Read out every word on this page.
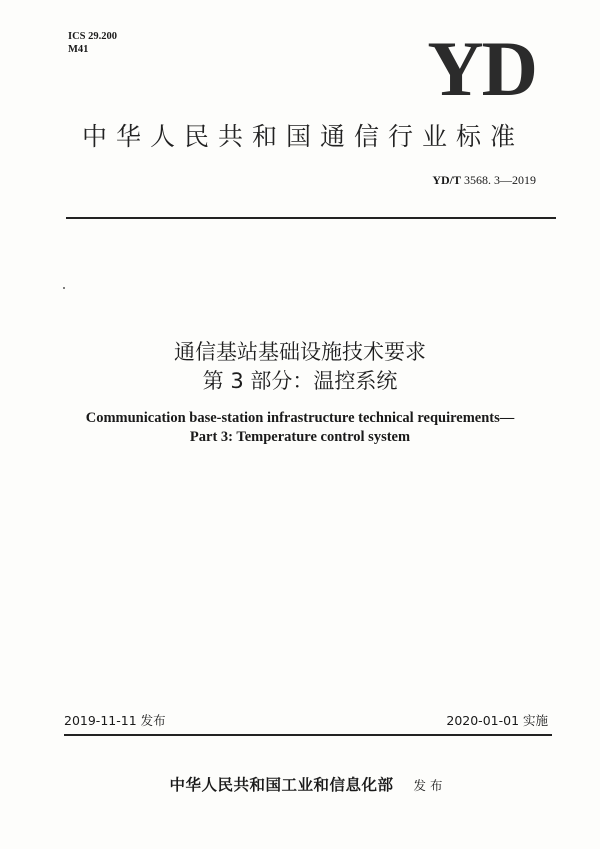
ICS 29.200
M41	YD
中华人民共和国通信行业标准
YD/T 3568. 3—2019
通信基站基础设施技术要求
第 3 部分：温控系统
Communication base-station infrastructure technical requirements—
Part 3: Temperature control system
2019-11-11 发布	2020-01-01 实施
中华人民共和国工业和信息化部 发 布
